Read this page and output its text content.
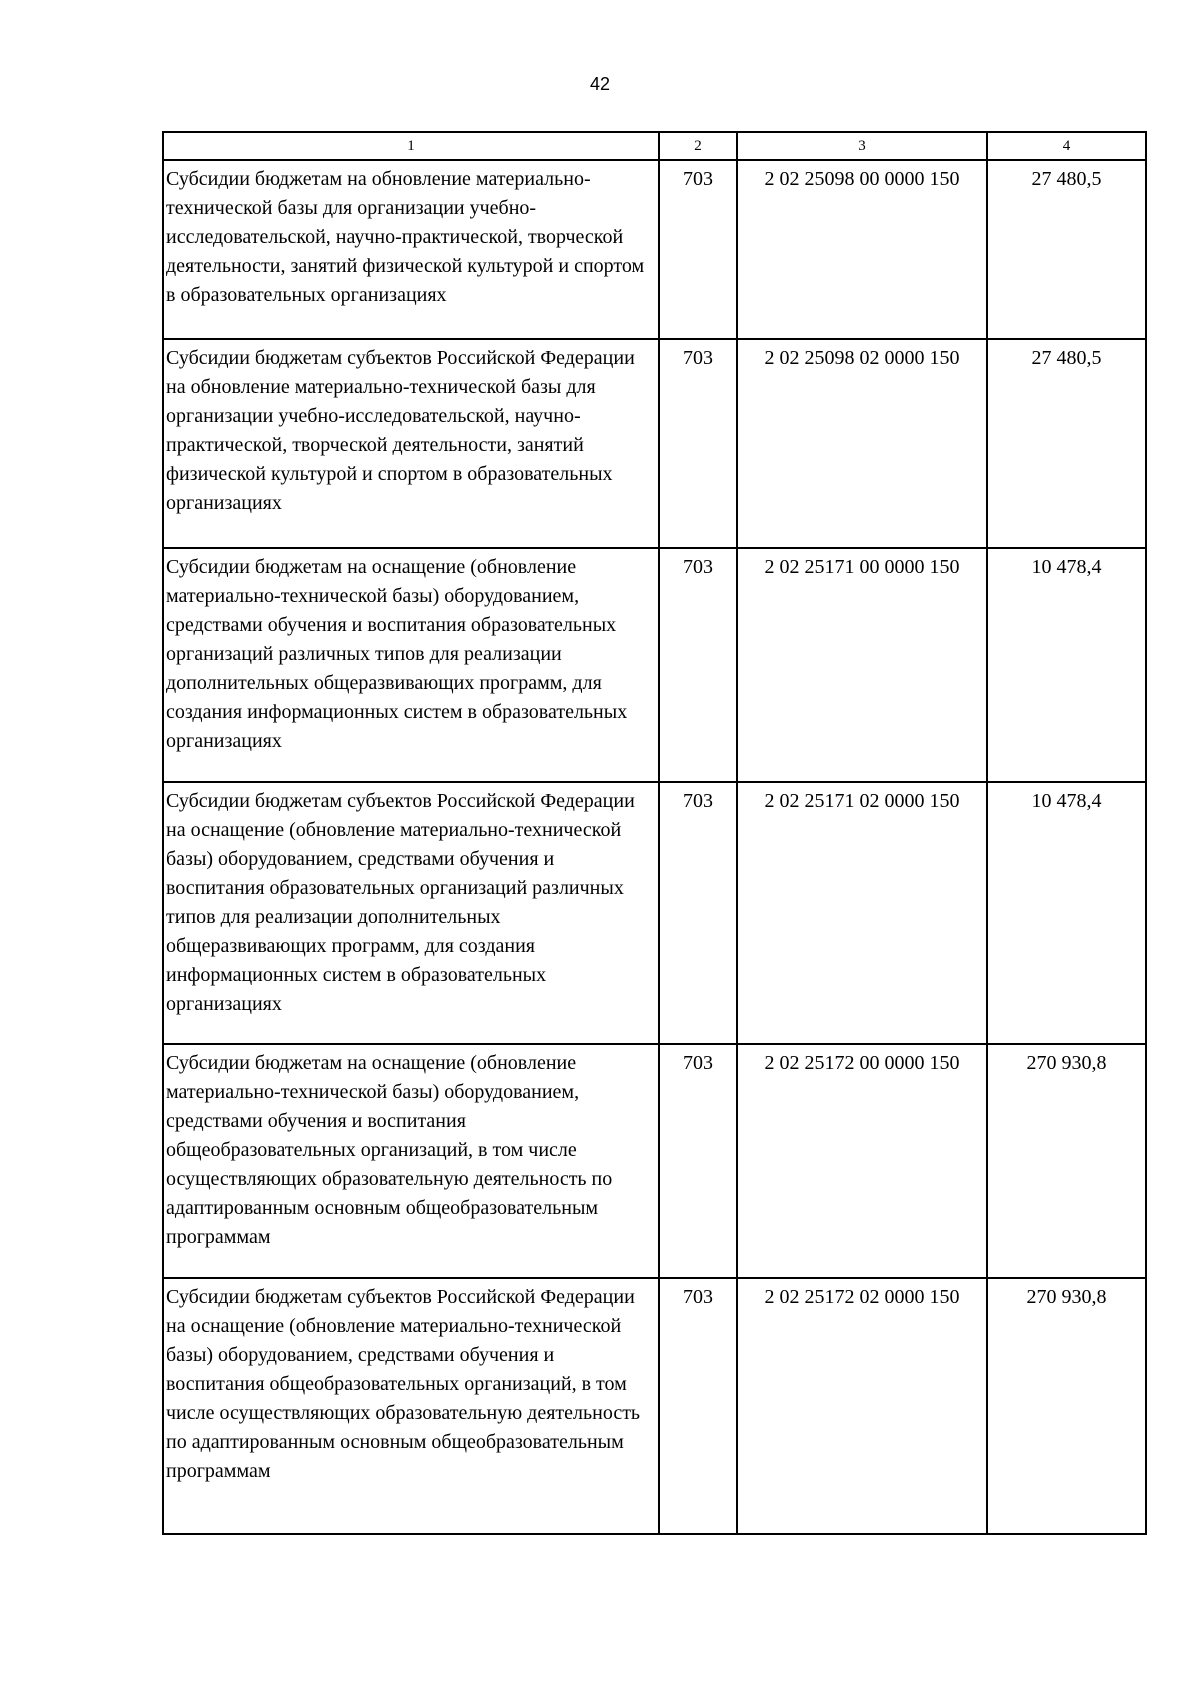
42
1	2	3	4
Субсидии бюджетам на обновление материально-технической базы для организации учебно-исследовательской, научно-практической, творческой деятельности, занятий физической культурой и спортом в образовательных организациях	703	2 02 25098 00 0000 150	27 480,5
Субсидии бюджетам субъектов Российской Федерации на обновление материально-технической базы для организации учебно-исследовательской, научно-практической, творческой деятельности, занятий физической культурой и спортом в образовательных организациях	703	2 02 25098 02 0000 150	27 480,5
Субсидии бюджетам на оснащение (обновление материально-технической базы) оборудованием, средствами обучения и воспитания образовательных организаций различных типов для реализации дополнительных общеразвивающих программ, для создания информационных систем в образовательных организациях	703	2 02 25171 00 0000 150	10 478,4
Субсидии бюджетам субъектов Российской Федерации на оснащение (обновление материально-технической базы) оборудованием, средствами обучения и воспитания образовательных организаций различных типов для реализации дополнительных общеразвивающих программ, для создания информационных систем в образовательных организациях	703	2 02 25171 02 0000 150	10 478,4
Субсидии бюджетам на оснащение (обновление материально-технической базы) оборудованием, средствами обучения и воспитания общеобразовательных организаций, в том числе осуществляющих образовательную деятельность по адаптированным основным общеобразовательным программам	703	2 02 25172 00 0000 150	270 930,8
Субсидии бюджетам субъектов Российской Федерации на оснащение (обновление материально-технической базы) оборудованием, средствами обучения и воспитания общеобразовательных организаций, в том числе осуществляющих образовательную деятельность по адаптированным основным общеобразовательным программам	703	2 02 25172 02 0000 150	270 930,8
